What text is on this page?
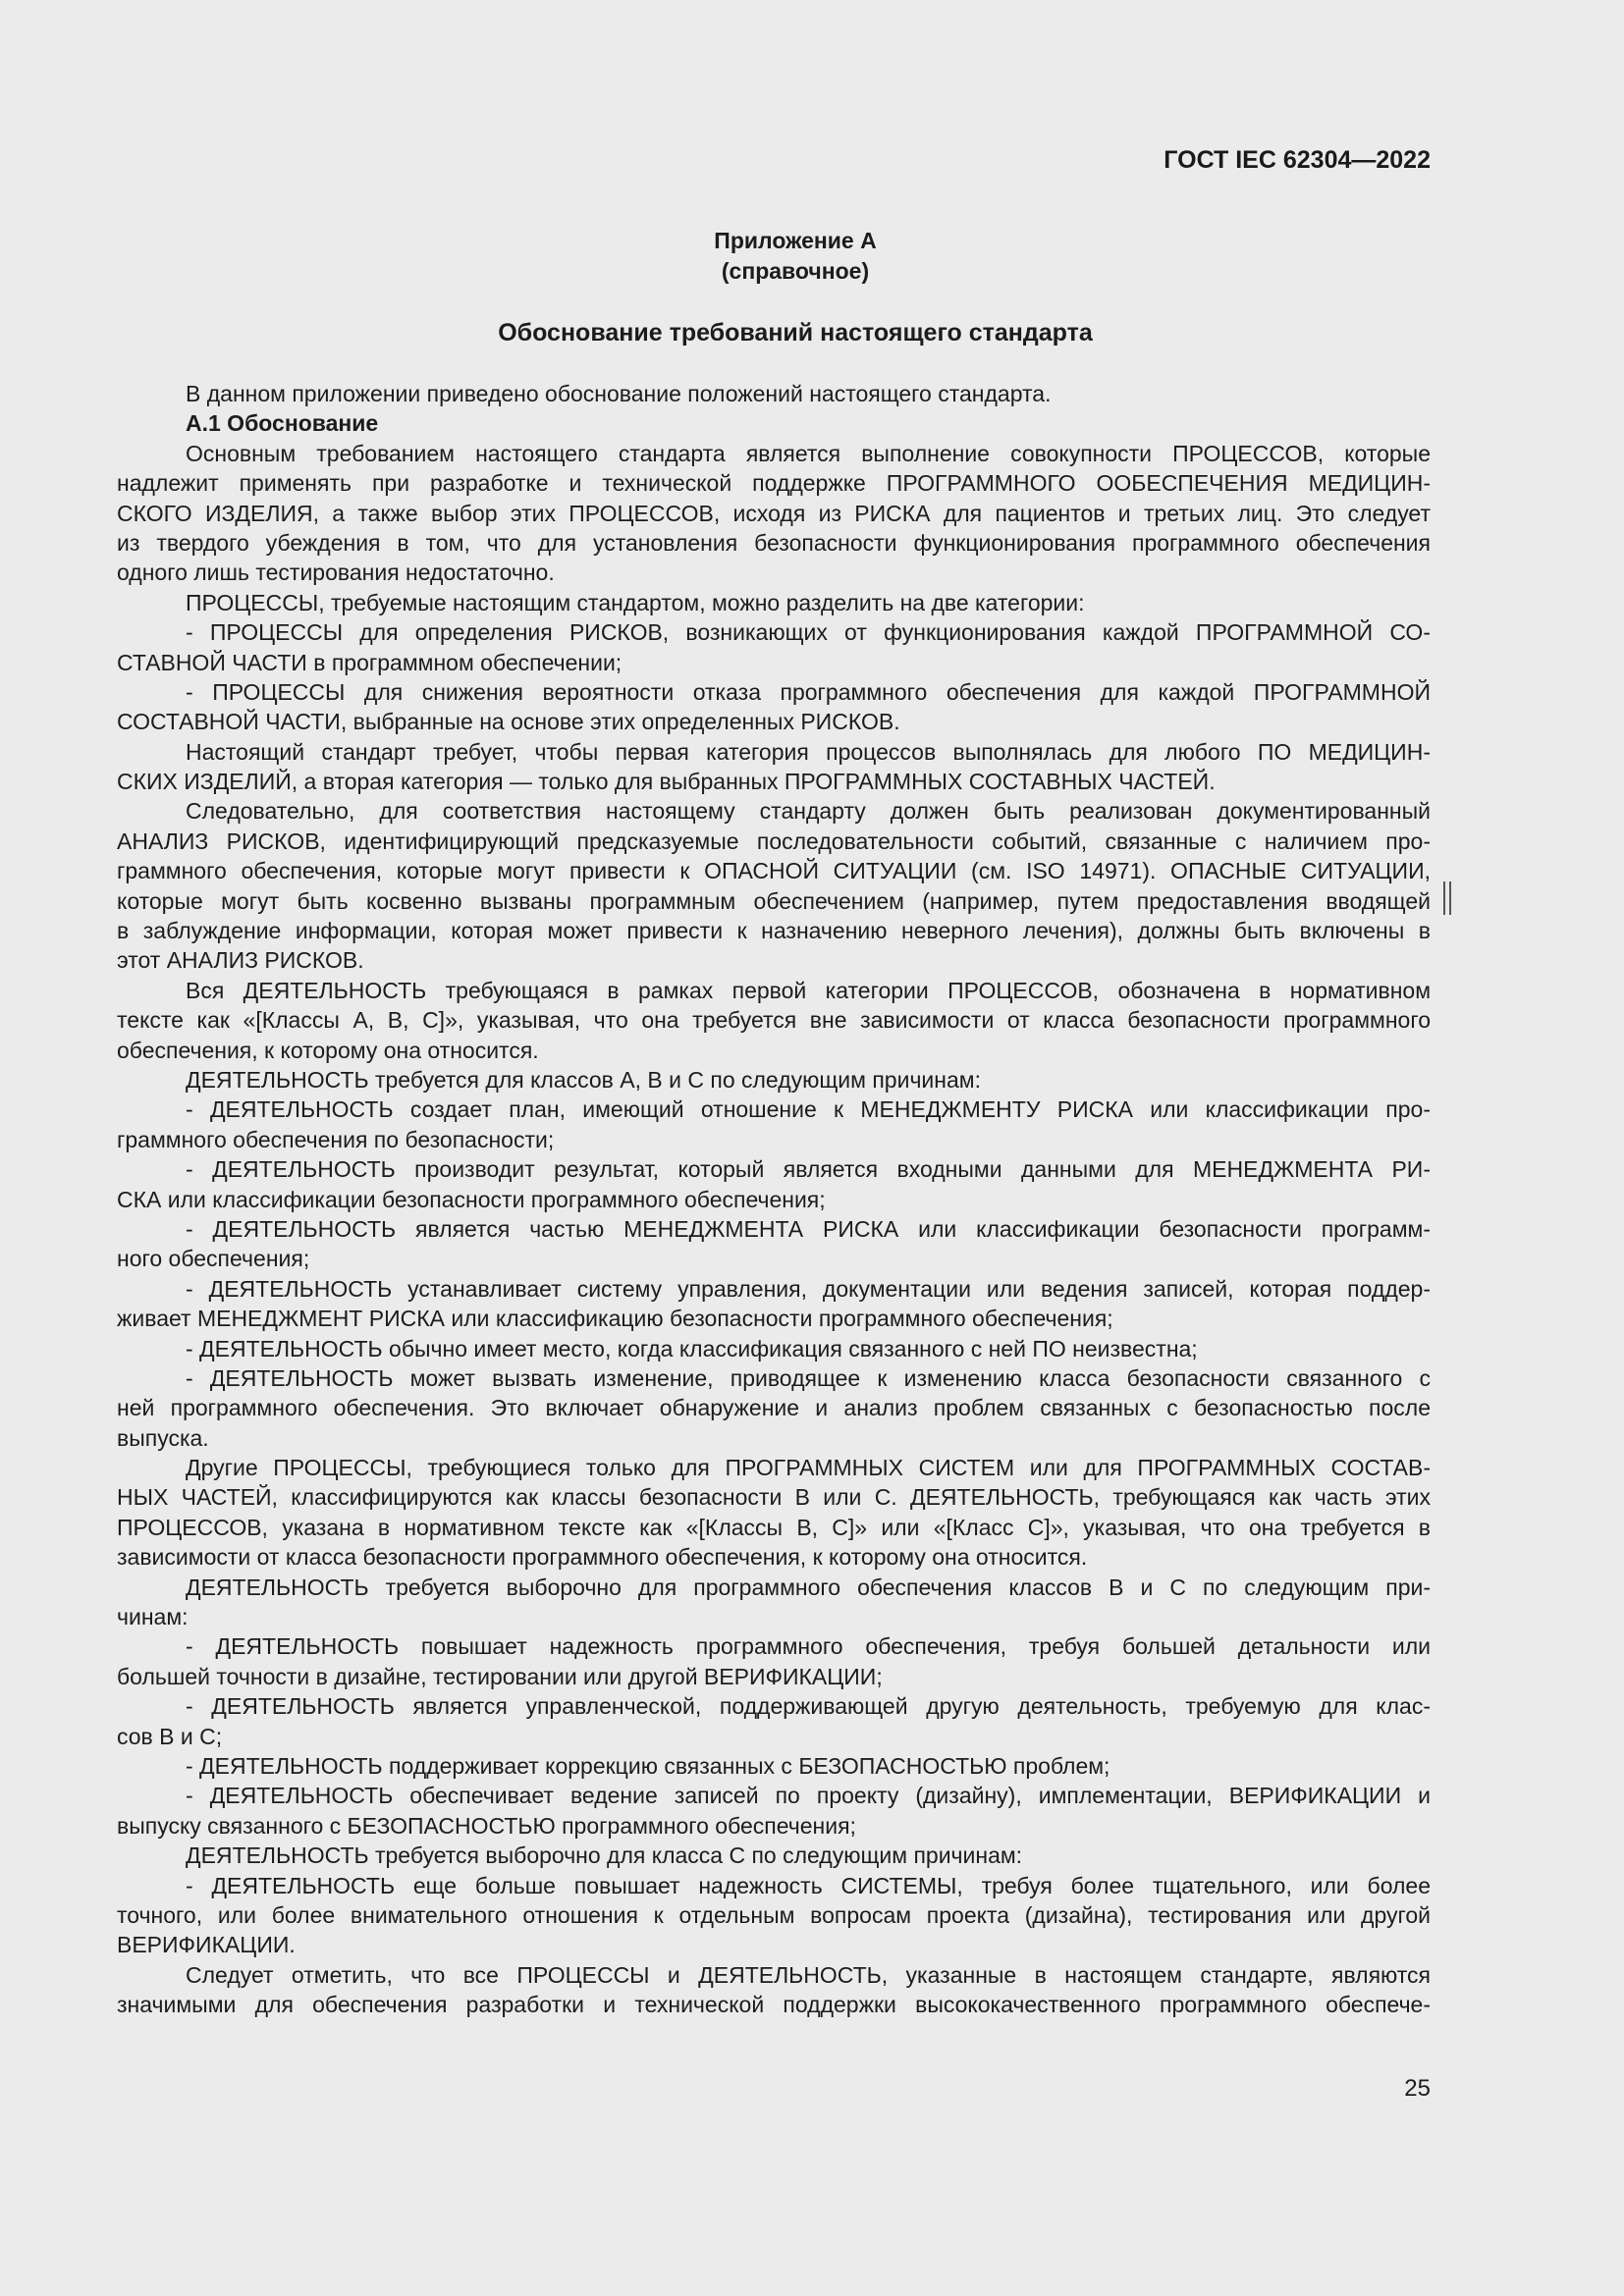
ГОСТ IEC 62304—2022
Приложение А
(справочное)
Обоснование требований настоящего стандарта
В данном приложении приведено обоснование положений настоящего стандарта.
А.1 Обоснование
Основным требованием настоящего стандарта является выполнение совокупности ПРОЦЕССОВ, которые
надлежит применять при разработке и технической поддержке ПРОГРАММНОГО ООБЕСПЕЧЕНИЯ МЕДИЦИН-
СКОГО ИЗДЕЛИЯ, а также выбор этих ПРОЦЕССОВ, исходя из РИСКА для пациентов и третьих лиц. Это следует
из твердого убеждения в том, что для установления безопасности функционирования программного обеспечения
одного лишь тестирования недостаточно.
ПРОЦЕССЫ, требуемые настоящим стандартом, можно разделить на две категории:
- ПРОЦЕССЫ для определения РИСКОВ, возникающих от функционирования каждой ПРОГРАММНОЙ СО-
СТАВНОЙ ЧАСТИ в программном обеспечении;
- ПРОЦЕССЫ для снижения вероятности отказа программного обеспечения для каждой ПРОГРАММНОЙ
СОСТАВНОЙ ЧАСТИ, выбранные на основе этих определенных РИСКОВ.
Настоящий стандарт требует, чтобы первая категория процессов выполнялась для любого ПО МЕДИЦИН-
СКИХ ИЗДЕЛИЙ, а вторая категория — только для выбранных ПРОГРАММНЫХ СОСТАВНЫХ ЧАСТЕЙ.
Следовательно, для соответствия настоящему стандарту должен быть реализован документированный
АНАЛИЗ РИСКОВ, идентифицирующий предсказуемые последовательности событий, связанные с наличием про-
граммного обеспечения, которые могут привести к ОПАСНОЙ СИТУАЦИИ (см. ISO 14971). ОПАСНЫЕ СИТУАЦИИ,
которые могут быть косвенно вызваны программным обеспечением (например, путем предоставления вводящей
в заблуждение информации, которая может привести к назначению неверного лечения), должны быть включены в
этот АНАЛИЗ РИСКОВ.
Вся ДЕЯТЕЛЬНОСТЬ требующаяся в рамках первой категории ПРОЦЕССОВ, обозначена в нормативном
тексте как «[Классы А, В, С]», указывая, что она требуется вне зависимости от класса безопасности программного
обеспечения, к которому она относится.
ДЕЯТЕЛЬНОСТЬ требуется для классов А, В и С по следующим причинам:
- ДЕЯТЕЛЬНОСТЬ создает план, имеющий отношение к МЕНЕДЖМЕНТУ РИСКА или классификации про-
граммного обеспечения по безопасности;
- ДЕЯТЕЛЬНОСТЬ производит результат, который является входными данными для МЕНЕДЖМЕНТА РИ-
СКА или классификации безопасности программного обеспечения;
- ДЕЯТЕЛЬНОСТЬ является частью МЕНЕДЖМЕНТА РИСКА или классификации безопасности программ-
ного обеспечения;
- ДЕЯТЕЛЬНОСТЬ устанавливает систему управления, документации или ведения записей, которая поддер-
живает МЕНЕДЖМЕНТ РИСКА или классификацию безопасности программного обеспечения;
- ДЕЯТЕЛЬНОСТЬ обычно имеет место, когда классификация связанного с ней ПО неизвестна;
- ДЕЯТЕЛЬНОСТЬ может вызвать изменение, приводящее к изменению класса безопасности связанного с
ней программного обеспечения. Это включает обнаружение и анализ проблем связанных с безопасностью после
выпуска.
Другие ПРОЦЕССЫ, требующиеся только для ПРОГРАММНЫХ СИСТЕМ или для ПРОГРАММНЫХ СОСТАВ-
НЫХ ЧАСТЕЙ, классифицируются как классы безопасности В или С. ДЕЯТЕЛЬНОСТЬ, требующаяся как часть этих
ПРОЦЕССОВ, указана в нормативном тексте как «[Классы В, С]» или «[Класс С]», указывая, что она требуется в
зависимости от класса безопасности программного обеспечения, к которому она относится.
ДЕЯТЕЛЬНОСТЬ требуется выборочно для программного обеспечения классов В и С по следующим при-
чинам:
- ДЕЯТЕЛЬНОСТЬ повышает надежность программного обеспечения, требуя большей детальности или
большей точности в дизайне, тестировании или другой ВЕРИФИКАЦИИ;
- ДЕЯТЕЛЬНОСТЬ является управленческой, поддерживающей другую деятельность, требуемую для клас-
сов В и С;
- ДЕЯТЕЛЬНОСТЬ поддерживает коррекцию связанных с БЕЗОПАСНОСТЬЮ проблем;
- ДЕЯТЕЛЬНОСТЬ обеспечивает ведение записей по проекту (дизайну), имплементации, ВЕРИФИКАЦИИ и
выпуску связанного с БЕЗОПАСНОСТЬЮ программного обеспечения;
ДЕЯТЕЛЬНОСТЬ требуется выборочно для класса С по следующим причинам:
- ДЕЯТЕЛЬНОСТЬ еще больше повышает надежность СИСТЕМЫ, требуя более тщательного, или более
точного, или более внимательного отношения к отдельным вопросам проекта (дизайна), тестирования или другой
ВЕРИФИКАЦИИ.
Следует отметить, что все ПРОЦЕССЫ и ДЕЯТЕЛЬНОСТЬ, указанные в настоящем стандарте, являются
значимыми для обеспечения разработки и технической поддержки высококачественного программного обеспече-
25
